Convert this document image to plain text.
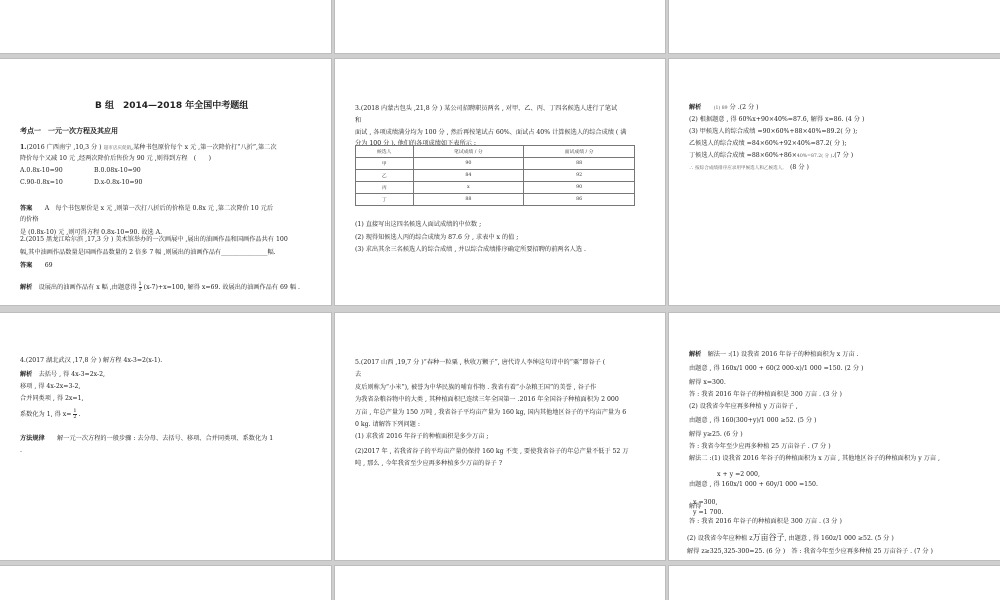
B 组　2014—2018 年全国中考题组
考点一　一元一次方程及其应用
1.(2016 广西南宁 ,10,3 分 ) 超市店庆促销,某种书包原价每个 x 元 ,第一次降价打“八折”,第二次
降价每个又减 10 元 ,经两次降价后售价为 90 元 ,则得到方程　(　　)
A.0.8x-10=90	B.0.08x-10=90
C.90-0.8x=10	D.x-0.8x-10=90
答案　　 A　每个书包原价是 x 元 ,则第一次打八折后的价格是 0.8x 元 ,第二次降价 10 元后
的价格
是 (0.8x-10) 元 ,则可得方程 0.8x-10=90. 故选 A.
2.(2015 黑龙江哈尔滨 ,17,3 分 ) 美术馆举办的一次画展中 ,展出的油画作品和国画作品共有 100
幅,其中油画作品数量是国画作品数量的 2 倍多 7 幅 ,则展出的油画作品有_______________幅.
答案　　 69
解析　 设展出的油画作品有 x 幅 ,由题意得 $\frac{1}{2} (x-7)+x=100$, 解得 x=69. 故展出的油画作品有 69 幅 .
3.(2018 内蒙古包头 ,21,8 分 ) 某公司招聘职员两名 , 对甲、乙、丙、丁四名候选人进行了笔试
和
面试 , 各项成绩满分均为 100 分 , 然后再按笔试占 60%、面试占 40% 计算候选人的综合成绩 ( 满
分为 100 分 ). 他们的各项成绩如下表所示 :
候选人	笔试成绩 / 分	面试成绩 / 分
甲	90	88
乙	84	92
丙	x	90
丁	88	86
(1) 直接写出这四名候选人面试成绩的中位数 ;
(2) 现得知候选人丙的综合成绩为 87.6 分 , 求表中 x 的值 ;
(3) 求出其余三名候选人的综合成绩 , 并以综合成绩排序确定所要招聘的前两名人选 .
解析　　	(1) 89 分 .(2 分 )
(2) 根据题意 , 得 60%x+90×40%=87.6, 解得 x=86. (4 分 )
(3) 甲候选人的综合成绩 =90×60%+88×40%=89.2( 分 );
乙候选人的综合成绩 =84×60%+92×40%=87.2( 分 );
丁候选人的综合成绩 =88×60%+86×40%=87.2( 分 ).(7 分 )
∴ 按综合成绩排序应录用甲候选人和乙候选人,　 (8 分 )
4.(2017 湖北武汉 ,17,8 分 ) 解方程 4x-3=2(x-1).
解析　 去括号 , 得 4x-3=2x-2,
移项 , 得 4x-2x=3-2,
合并同类项 , 得 2x=1,
系数化为 1, 得 $x= \frac{1}{2}$ .
方法规律　　 解一元一次方程的一般步骤 : 去分母、去括号、移项、合并同类项、系数化为 1
.
5.(2017 山西 ,19,7 分 )“春种一粒粟 , 秋收万颗子”, 唐代诗人李绅这句诗中的“粟”即谷子 (
去
皮后则称为“小米”), 被誉为中华民族的哺育作物 . 我省有着“小杂粮王国”的美誉 , 谷子作
为我省杂粮谷物中的大类 , 其种植面积已连续三年全国第一 .2016 年全国谷子种植面积为 2 000
万亩 , 年总产量为 150 万吨 , 我省谷子平均亩产量为 160 kg, 国内其他地区谷子的平均亩产量为 6
0 kg. 请解答下列问题 :
(1) 求我省 2016 年谷子的种植面积是多少万亩 ;
(2)2017 年 , 若我省谷子的平均亩产量仍保持 160 kg 不变 , 要使我省谷子的年总产量不低于 52 万
吨 , 那么 , 今年我省至少应再多种植多少万亩的谷子 ?
解析　 解法一 :(1) 设我省 2016 年谷子的种植面积为 x 万亩 .
由题意 , 得 160x/1 000 + 60(2 000-x)/1 000 =150. (2 分 )
解得 x=300.
答 : 我省 2016 年谷子的种植面积是 300 万亩 . (3 分 )
(2) 设我省今年应再多种植 y 万亩谷子 ,
由题意 , 得 160(300+y)/1 000 ≥52. (5 分 )
解得 y≥25. (6 分 )
答 : 我省今年至少应再多种植 25 万亩谷子 . (7 分 )
解法二 :(1) 设我省 2016 年谷子的种植面积为 x 万亩 , 其他地区谷子的种植面积为 y 万亩 ,
x + y =2 000,
由题意 , 得 160x/1 000 + 60y/1 000 =150.
x =300,
解得
y =1 700.
答 : 我省 2016 年谷子的种植面积是 300 万亩 . (3 分 )
(2) 设我省今年应种植 z万亩谷子, 由题意 , 得 160z/1 000 ≥52. (5 分 )
解得 z≥325,325-300=25. (6 分 )　答 : 我省今年至少应再多种植 25 万亩谷子 . (7 分 )
